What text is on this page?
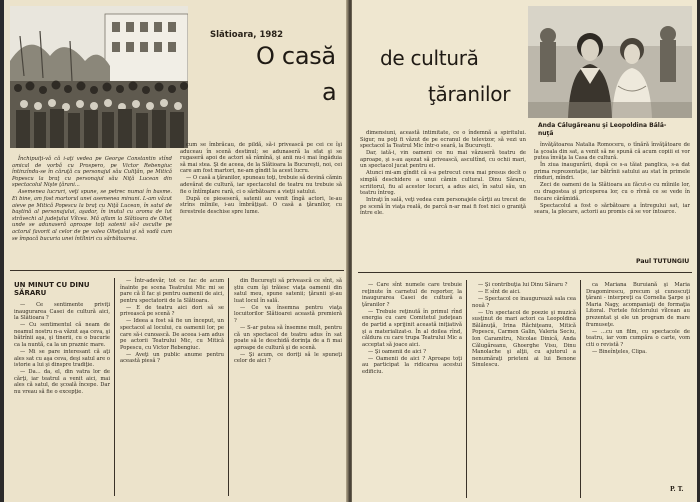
Slătioara, 1982
O casă
a

Închipuiţi-vă că i-aţi vedea pe George Constantin stînd amical de vorbă cu Prospero, pe Victor Rebengiuc întinzîndu-se în căruţă cu personajul său Culiţăn, pe Mitică Popescu la braţ cu personajul său Niţă Lucean din spectacolul Nişte ţărani...

Asemenea lucruri, veţi spune, se petrec numai în basme. Ei bine, am fost martorul unei asemenea minuni. L-am văzut aieve pe Mitică Popescu la braţ cu Niţă Lucean, în satul de baştină al personajului, aşadar, în inutul cu aroma de lut străvechi al judeţului Vîlcea. Mă aflam la Slătioara de Olteţ unde se adunaseră aproape toţi satenii să-l asculte pe actorul favorit al celor de pe valea Olteţului şi să vadă cum se împacă bucuria unei întîlniri cu sărbătoarea.

cum se îmbrăcau, de pildă, să-i privească pe cei ce îşi aduceau în scenă destinul; se adunaseră la sfat şi se rugaseră apoi de actori să rămînă, şi anii nu-i mai îngăduia să mai stea. Şi de aceea, de la Slătioara la Bucureşti, noi, cei care am fost martori, ne-am gîndit la acest lucru.

— O casă a ţăranilor, spuneau toţi, trebuie să devină cămin adevărat de cultură, iar spectacolul de teatru nu trebuie să fie o întîmplare rară, ci o sărbătoare a vieţii satului.

După ce pieseseră, satenii au venit lîngă actori, le-au strîns mîinile, i-au îmbrăţişat. O casă a ţăranilor, cu ferestrele deschise spre lume.

UN MINUT CU DINU SĂRARU

— Ce sentimente priviţi inaugurarea Casei de cultură aici, la Slătioara ?

— Cu sentimentul că neam de neamul nostru n-a văzut aşa ceva, şi bătrînii aşa, şi tinerii, cu o bucurie ca la nuntă, ca la un praznic mare.

— Mi se pare interesant că aţi ales sat cu aşa ceva, deşi satul are o istorie a lui şi dinspre tradiţie.

— Da... da, el, din vatra lor de cărţi, iar teatrul a venit aici, mai ales că satul, de şcoală începe. Dar nu vreau să fie o excepţie.

— Într-adevăr, tot ce fac de acum înainte pe scena Teatrului Mic mi se pare că îl fac şi pentru oamenii de aici, pentru spectatorii de la Slătioara.

— E de teatru aici dori să se privească pe scenă ?

— Ideea a fost să fie un început, un spectacol al locului, cu oamenii lor, pe care să-i cunoască. De aceea i-am adus pe actorii Teatrului Mic, cu Mitică Popescu, cu Victor Rebengiuc.

— Aveţi un public anume pentru această piesă ?

din Bucureşti să privească ce sînt, să ştiu cum îşi trăiesc viaţa oamenii din satul meu, spune satenii; ţăranii şi-au luat locul în sală.

— Ce va însemna pentru viaţa locuitorilor Slătioarei această premieră ?

— S-ar putea să însemne mult, pentru că un spectacol de teatru adus în sat poate să le deschidă dorinţa de a fi mai aproape de cultură şi de scenă.

— Şi acum, ce doriţi să le spuneţi celor de aici ?

de cultură
ţăranilor
Anda Călugăreanu şi Leopoldina Bălă-
nuţă

dimensiuni, această intimitate, ce o îndemnă a spiritului. Sigur, nu poţi fi văzut de pe ecranul de televizor, să vezi un spectacol la Teatrul Mic într-o seară, la Bucureşti.

Dar, iată-i, vin oameni ce nu mai văzuseră teatru de aproape, şi s-au aşezat să privească, ascultînd, cu ochii mari, un spectacol jucat pentru ei.

Atunci mi-am gîndit că s-a petrecut ceva mai presus decît o simplă deschidere a unui cămin cultural. Dinu Săraru, scriitorul, fiu al acestor locuri, a adus aici, în satul său, un teatru întreg.

Intraţi în sală, veţi vedea cum personajele cărţii au trecut de pe scenă în viaţa reală, de parcă n-ar mai fi fost nici o graniţă între ele.

învăţătoarea Natalia Romoceru, o tînără învăţătoare de la şcoala din sat, a venit să ne spună că acum copiii ei vor putea învăţa la Casa de cultură.

În ziua inaugurării, după ce s-a tăiat panglica, s-a dat prima reprezentaţie, iar bătrînii satului au stat în primele rînduri, mîndri.

Zeci de oameni de la Slătioara au făcut-o cu mîinile lor, cu dragostea şi priceperea lor, cu o rîvnă ce se vede în fiecare cărămidă.

Spectacolul a fost o sărbătoare a întregului sat, iar seara, la plecare, actorii au promis că se vor întoarce.

Paul TUTUNGIU

— Care sînt numele care trebuie reţinute în carnetul de reporter, la inaugurarea Casei de cultură a ţăranilor ?

— Trebuie reţinută în primul rînd energia cu care Comitetul judeţean de partid a sprijinit această iniţiativă şi a materializat-o. În al doilea rînd, căldura cu care trupa Teatrului Mic a acceptat să joace aici.

— Şi oamenii de aici ?

— Oamenii de aici ? Aproape toţi au participat la ridicarea acestui edificiu.

— Şi contribuţia lui Dinu Săraru ?

— E sînt de aici.

— Spectacol ce inaugurează sala cea nouă ?

— Un spectacol de poezie şi muzică susţinut de mari actori ca Leopoldina Bălănuţă, Irina Răchiţeanu, Mitică Popescu, Carmen Galin, Valeria Seciu, Ion Caramitru, Nicolae Dinică, Anda Călugăreanu, Ghoerghe Visu, Dinu Manolache şi alţii, cu ajutorul a nenumăraţi prieteni ai lui Benone Sinulescu.

ca Mariana Buruiană şi Maria Dragomirescu, precum şi cunoscuţi ţărani - interpreţi ca Cornelia Şarpe şi Maria Nagy, acompaniaţi de formaţia Litoral. Fortele folclorului vîlcean au prezentat şi ele un program de mare frumuseţe.

— ...cu un film, cu spectacole de teatru, iar vom cumpăra o carte, vom citi o revistă ?

— Bineînţeles, Clipa.

P. T.
